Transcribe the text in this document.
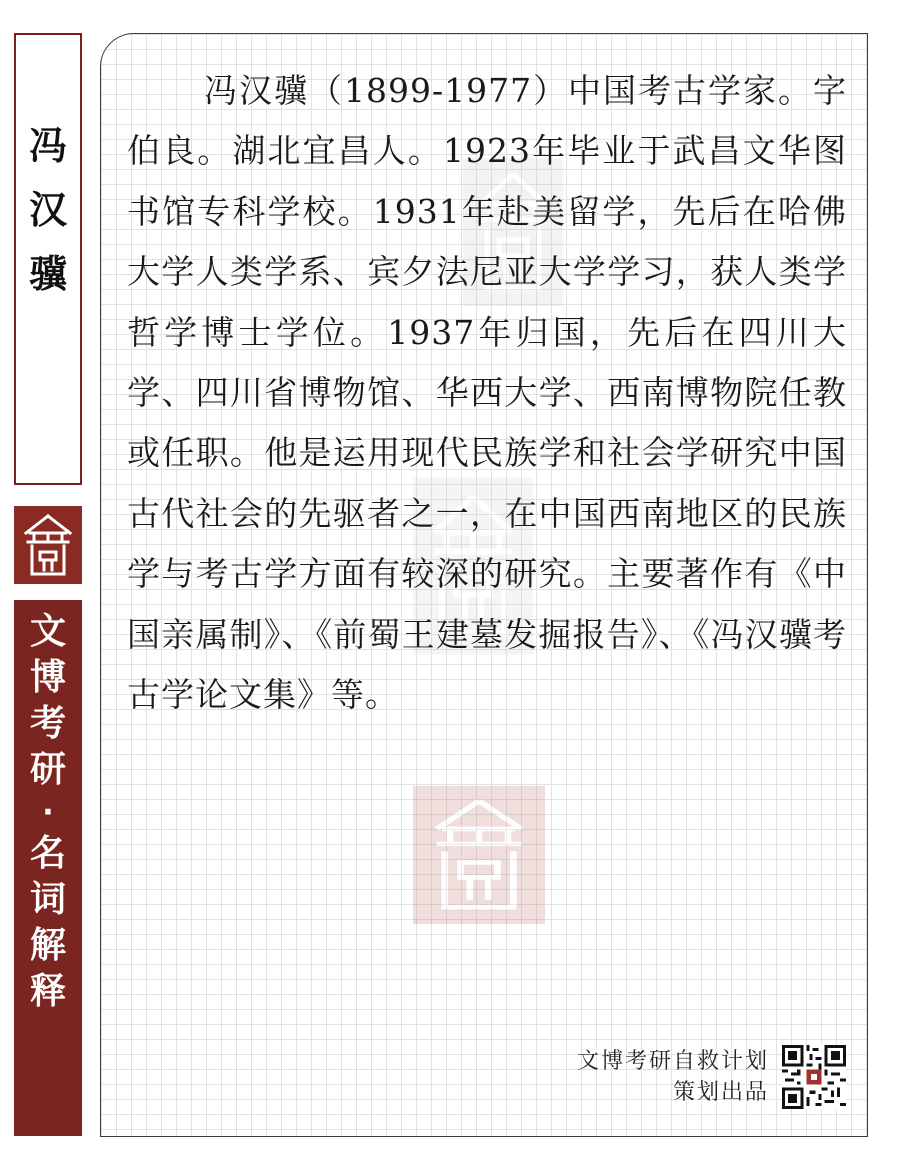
冯
汉
骥
文
博
考
研
·
名
词
解
释
冯汉骥（1899-1977）中国考古学家。字伯良。湖北宜昌人。1923年毕业于武昌文华图书馆专科学校。1931年赴美留学，先后在哈佛大学人类学系、宾夕法尼亚大学学习，获人类学哲学博士学位。1937年归国，先后在四川大学、四川省博物馆、华西大学、西南博物院任教或任职。他是运用现代民族学和社会学研究中国古代社会的先驱者之一，在中国西南地区的民族学与考古学方面有较深的研究。主要著作有《中国亲属制》、《前蜀王建墓发掘报告》、《冯汉骥考古学论文集》等。
文博考研自救计划
策划出品
